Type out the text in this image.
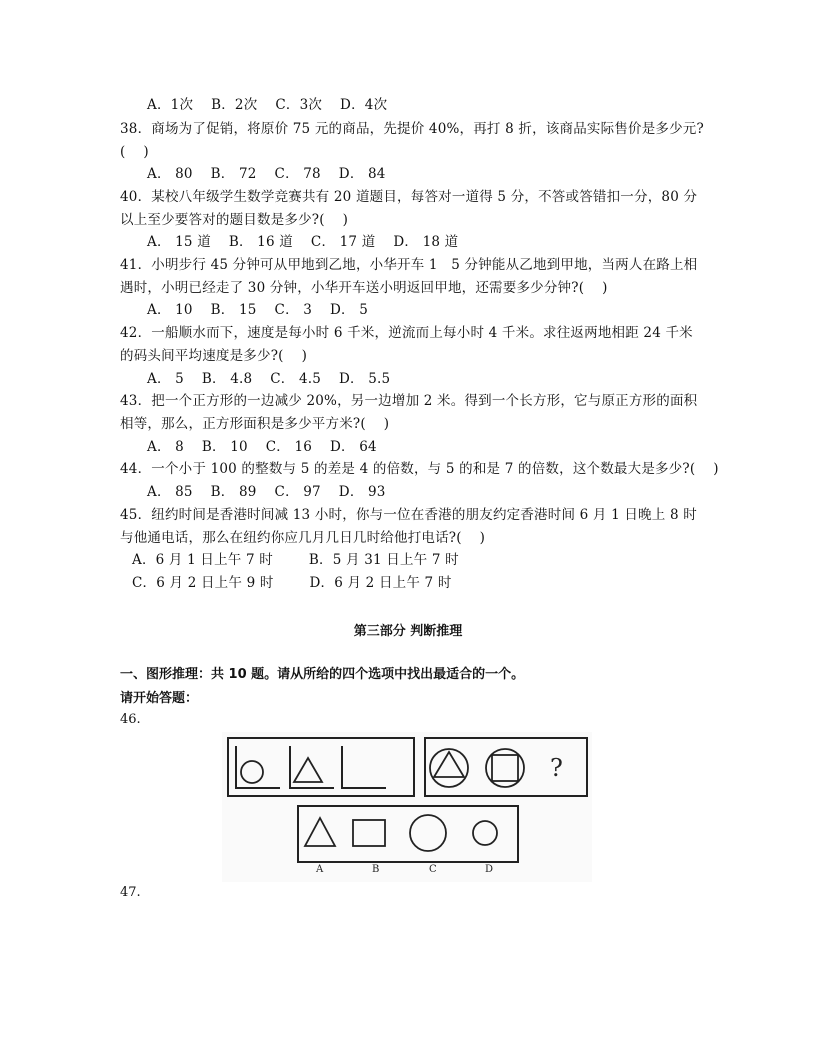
A．1次    B．2次    C．3次    D．4次
38．商场为了促销，将原价 75 元的商品，先提价 40%，再打 8 折，该商品实际售价是多少元?
(    )
A． 80    B． 72    C． 78    D． 84
40．某校八年级学生数学竞赛共有 20 道题目，每答对一道得 5 分，不答或答错扣一分，80 分
以上至少要答对的题目数是多少?(    )
A． 15 道    B． 16 道    C． 17 道    D． 18 道
41．小明步行 45 分钟可从甲地到乙地，小华开车 1   5 分钟能从乙地到甲地，当两人在路上相
遇时，小明已经走了 30 分钟，小华开车送小明返回甲地，还需要多少分钟?(    )
A． 10    B． 15    C． 3    D． 5
42．一船顺水而下，速度是每小时 6 千米，逆流而上每小时 4 千米。求往返两地相距 24 千米
的码头间平均速度是多少?(    )
A． 5    B． 4.8    C． 4.5    D． 5.5
43．把一个正方形的一边减少 20%，另一边增加 2 米。得到一个长方形，它与原正方形的面积
相等，那么，正方形面积是多少平方米?(    )
A． 8    B． 10    C． 16    D． 64
44．一个小于 100 的整数与 5 的差是 4 的倍数，与 5 的和是 7 的倍数，这个数最大是多少?(    )
A． 85    B． 89    C． 97    D． 93
45．纽约时间是香港时间减 13 小时，你与一位在香港的朋友约定香港时间 6 月 1 日晚上 8 时
与他通电话，那么在纽约你应几月几日几时给他打电话?(    )
A．6 月 1 日上午 7 时        B．5 月 31 日上午 7 时
C．6 月 2 日上午 9 时        D．6 月 2 日上午 7 时
第三部分 判断推理
一、图形推理：共 10 题。请从所给的四个选项中找出最适合的一个。
请开始答题：
46.
?
A	B	C	D
47.
